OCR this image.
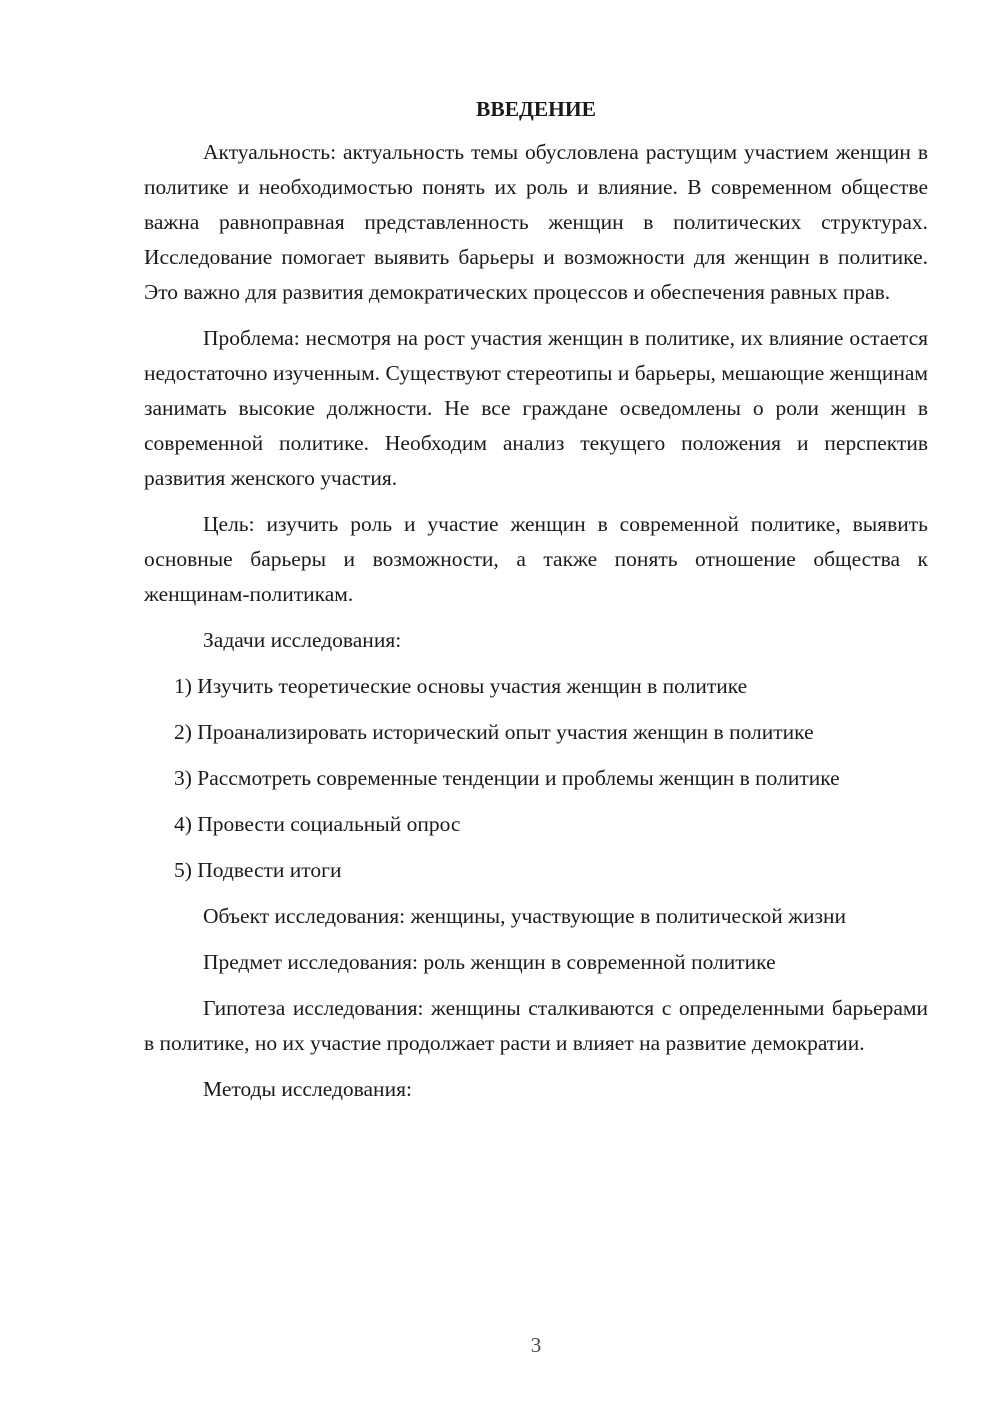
ВВЕДЕНИЕ

Актуальность: актуальность темы обусловлена растущим участием женщин в политике и необходимостью понять их роль и влияние. В современном обществе важна равноправная представленность женщин в политических структурах. Исследование помогает выявить барьеры и возможности для женщин в политике. Это важно для развития демократических процессов и обеспечения равных прав.

Проблема: несмотря на рост участия женщин в политике, их влияние остается недостаточно изученным. Существуют стереотипы и барьеры, мешающие женщинам занимать высокие должности. Не все граждане осведомлены о роли женщин в современной политике. Необходим анализ текущего положения и перспектив развития женского участия.

Цель: изучить роль и участие женщин в современной политике, выявить основные барьеры и возможности, а также понять отношение общества к женщинам-политикам.

Задачи исследования:

1) Изучить теоретические основы участия женщин в политике

2) Проанализировать исторический опыт участия женщин в политике

3) Рассмотреть современные тенденции и проблемы женщин в политике

4) Провести социальный опрос

5) Подвести итоги

Объект исследования: женщины, участвующие в политической жизни

Предмет исследования: роль женщин в современной политике

Гипотеза исследования: женщины сталкиваются с определенными барьерами в политике, но их участие продолжает расти и влияет на развитие демократии.

Методы исследования:

3
